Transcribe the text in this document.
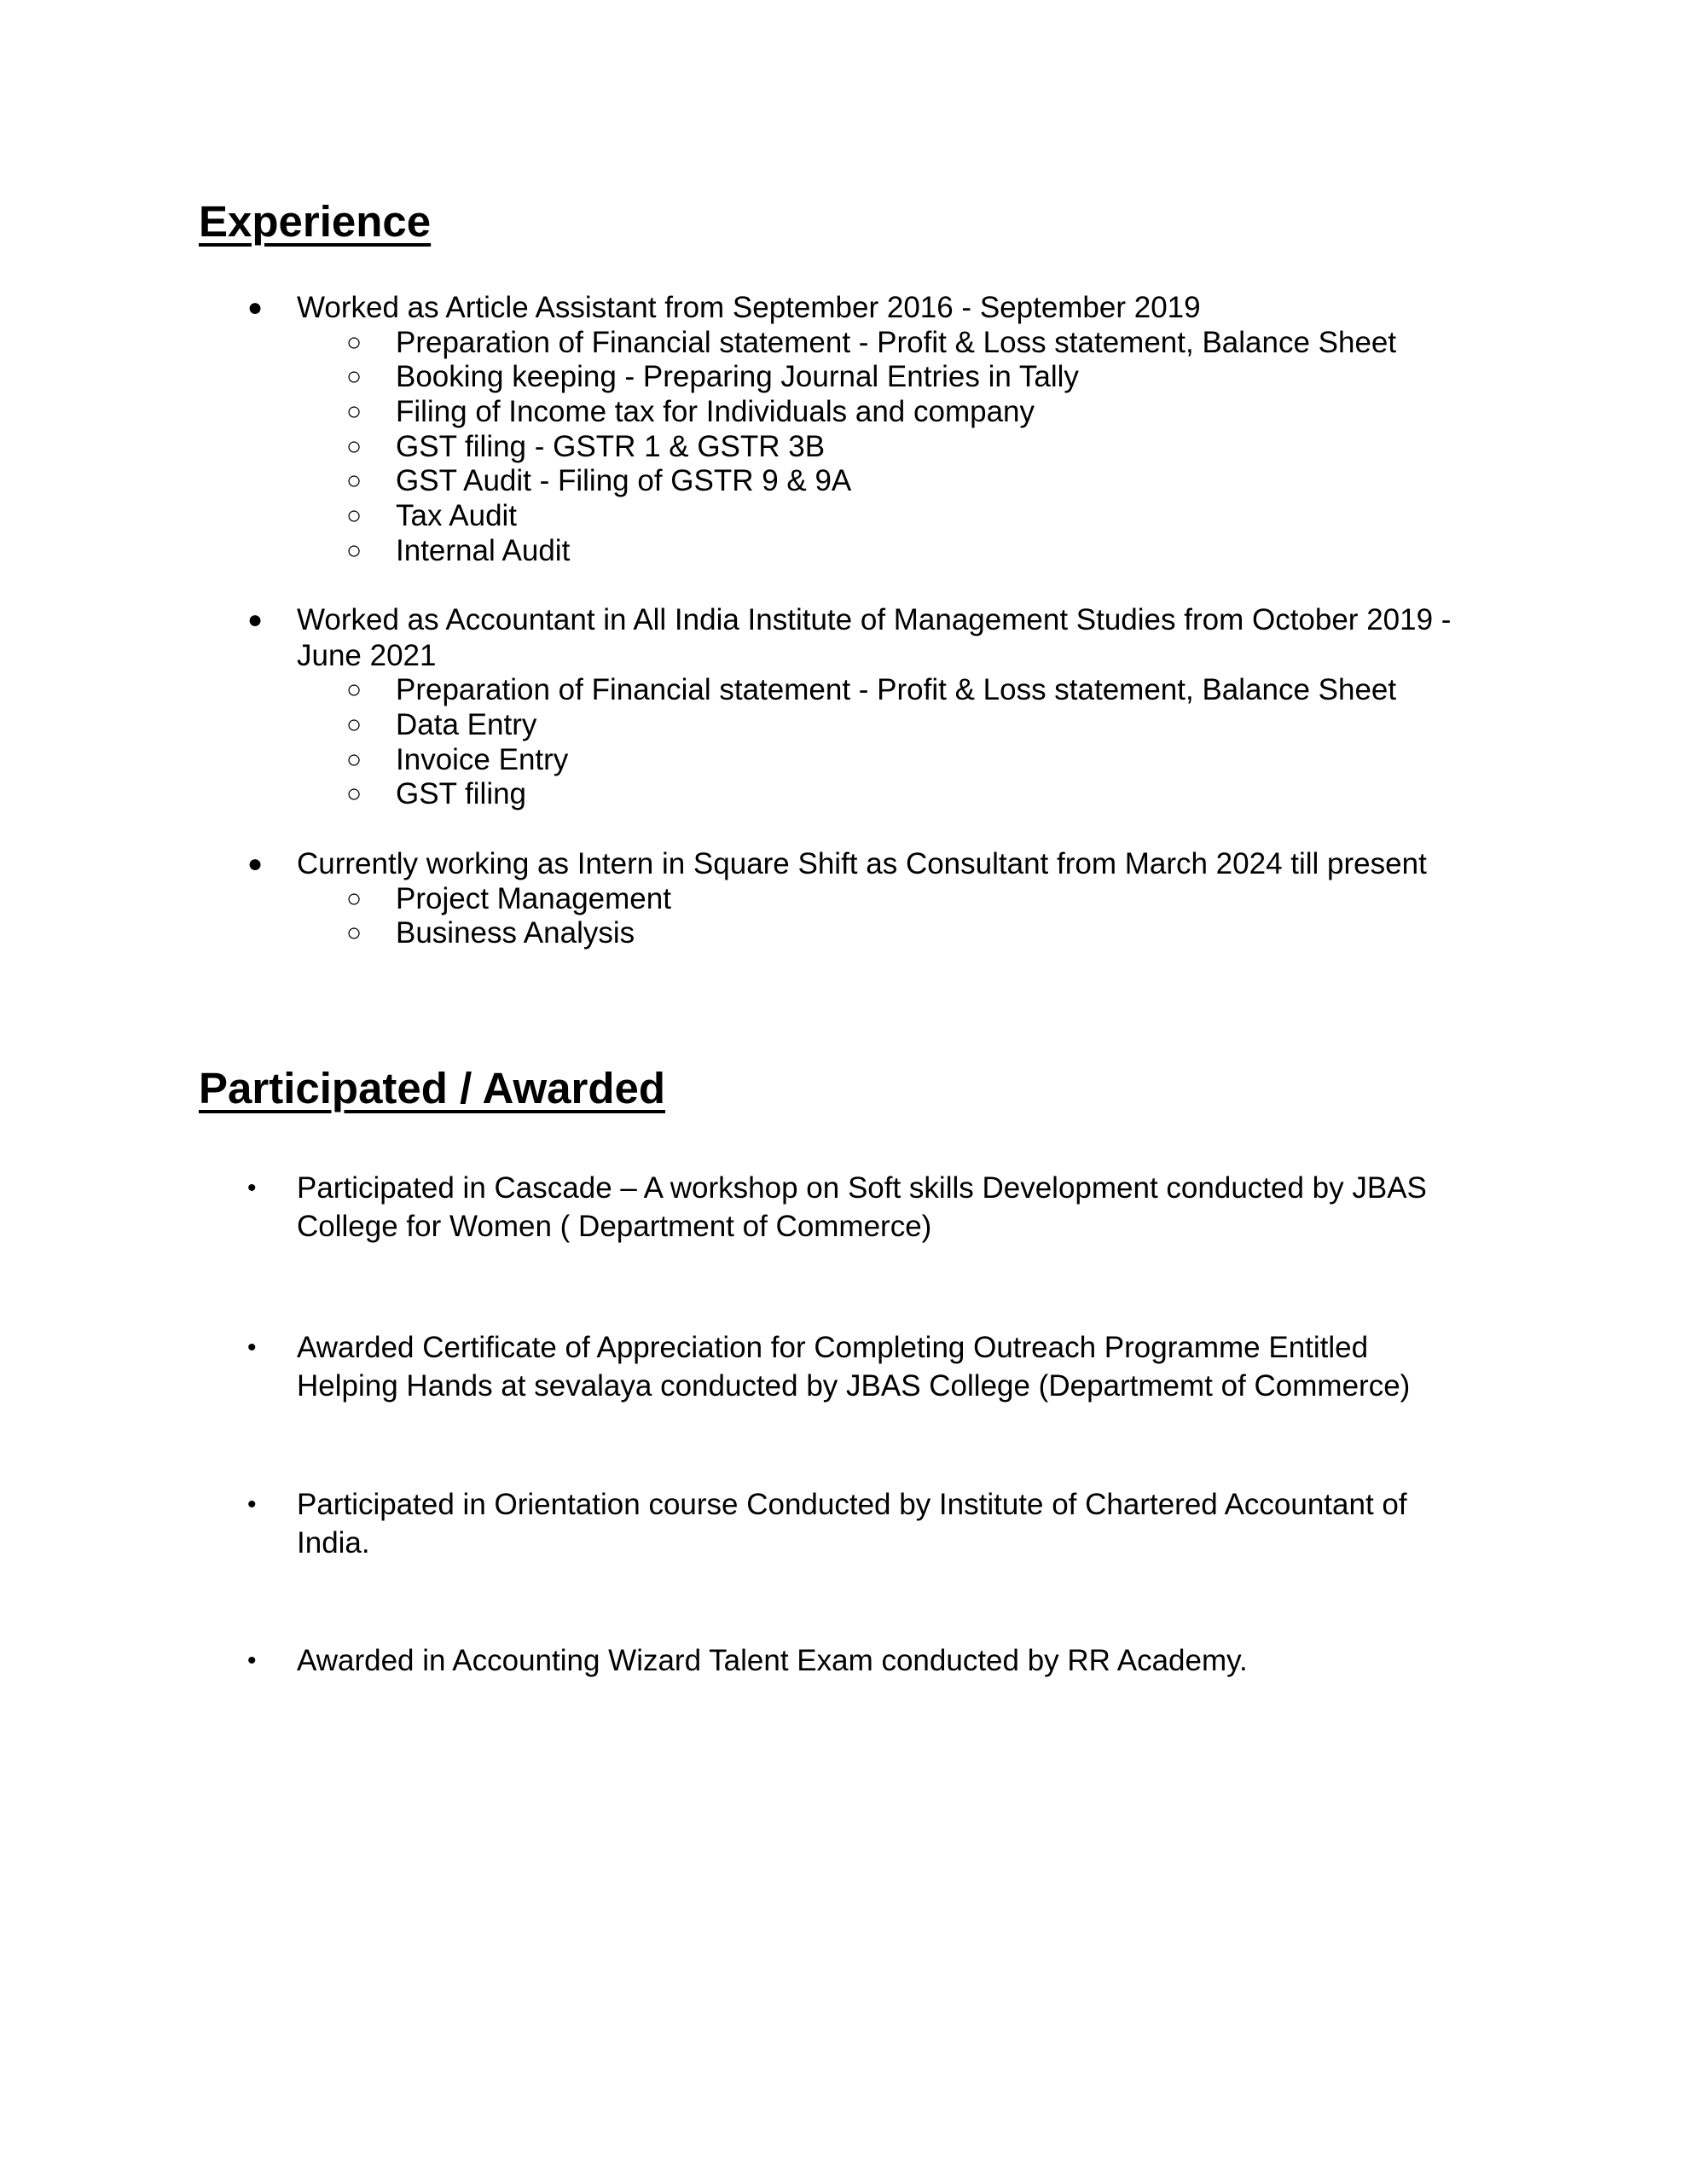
Experience
● Worked as Article Assistant from September 2016 - September 2019
○ Preparation of Financial statement - Profit & Loss statement, Balance Sheet
○ Booking keeping - Preparing Journal Entries in Tally
○ Filing of Income tax for Individuals and company
○ GST filing - GSTR 1 & GSTR 3B
○ GST Audit - Filing of GSTR 9 & 9A
○ Tax Audit
○ Internal Audit
● Worked as Accountant in All India Institute of Management Studies from October 2019 -
June 2021
○ Preparation of Financial statement - Profit & Loss statement, Balance Sheet
○ Data Entry
○ Invoice Entry
○ GST filing
● Currently working as Intern in Square Shift as Consultant from March 2024 till present
○ Project Management
○ Business Analysis
Participated / Awarded
• Participated in Cascade – A workshop on Soft skills Development conducted by JBAS
College for Women ( Department of Commerce)
• Awarded Certificate of Appreciation for Completing Outreach Programme Entitled
Helping Hands at sevalaya conducted by JBAS College (Departmemt of Commerce)
• Participated in Orientation course Conducted by Institute of Chartered Accountant of
India.
• Awarded in Accounting Wizard Talent Exam conducted by RR Academy.
